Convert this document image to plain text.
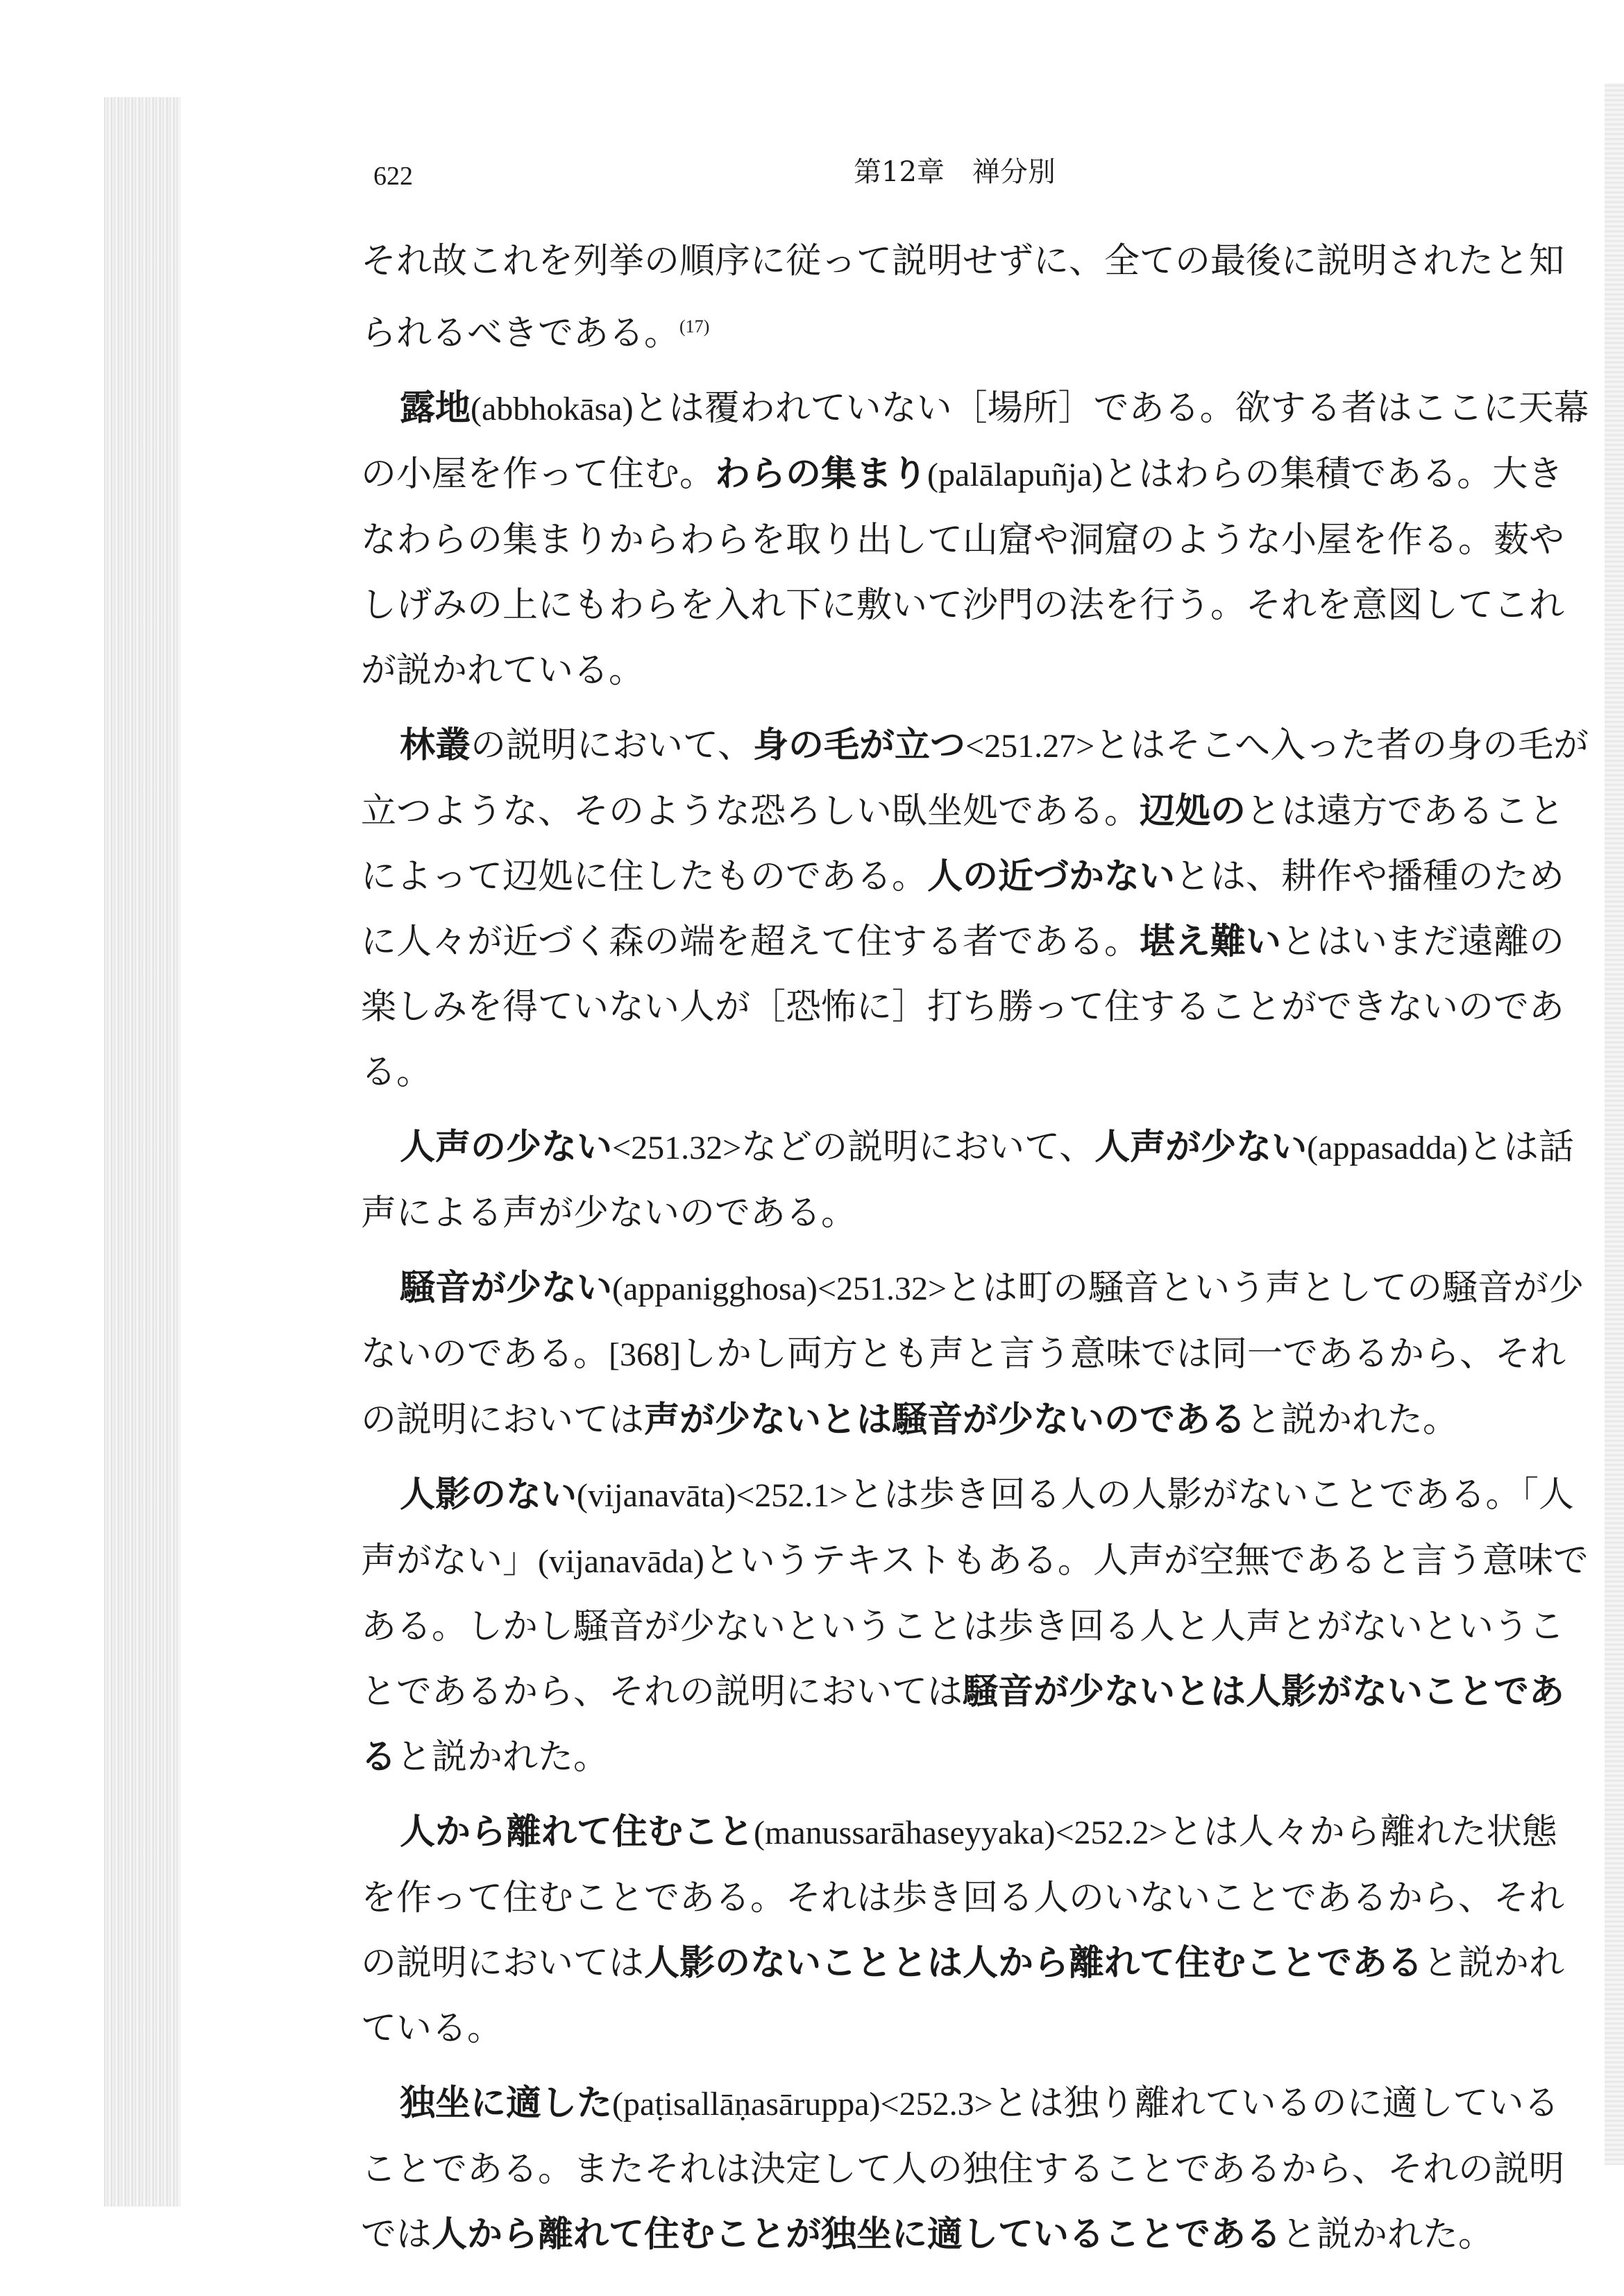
622	第12章　禅分別

それ故これを列挙の順序に従って説明せずに、全ての最後に説明されたと知られるべきである。$^{(17)}$

露地(abbhokāsa)とは覆われていない［場所］である。欲する者はここに天幕の小屋を作って住む。わらの集まり(palālapuñja)とはわらの集積である。大きなわらの集まりからわらを取り出して山窟や洞窟のような小屋を作る。薮やしげみの上にもわらを入れ下に敷いて沙門の法を行う。それを意図してこれが説かれている。

林叢の説明において、身の毛が立つ<251.27>とはそこへ入った者の身の毛が立つような、そのような恐ろしい臥坐処である。辺処のとは遠方であることによって辺処に住したものである。人の近づかないとは、耕作や播種のために人々が近づく森の端を超えて住する者である。堪え難いとはいまだ遠離の楽しみを得ていない人が［恐怖に］打ち勝って住することができないのである。

人声の少ない<251.32>などの説明において、人声が少ない(appasadda)とは話声による声が少ないのである。

騒音が少ない(appanigghosa)<251.32>とは町の騒音という声としての騒音が少ないのである。[368]しかし両方とも声と言う意味では同一であるから、それの説明においては声が少ないとは騒音が少ないのであると説かれた。

人影のない(vijanavāta)<252.1>とは歩き回る人の人影がないことである。「人声がない」(vijanavāda)というテキストもある。人声が空無であると言う意味である。しかし騒音が少ないということは歩き回る人と人声とがないということであるから、それの説明においては騒音が少ないとは人影がないことであると説かれた。

人から離れて住むこと(manussarāhaseyyaka)<252.2>とは人々から離れた状態を作って住むことである。それは歩き回る人のいないことであるから、それの説明においては人影のないこととは人から離れて住むことであると説かれている。

独坐に適した(paṭisallāṇasāruppa)<252.3>とは独り離れているのに適していることである。またそれは決定して人の独住することであるから、それの説明では人から離れて住むことが独坐に適していることであると説かれた。
